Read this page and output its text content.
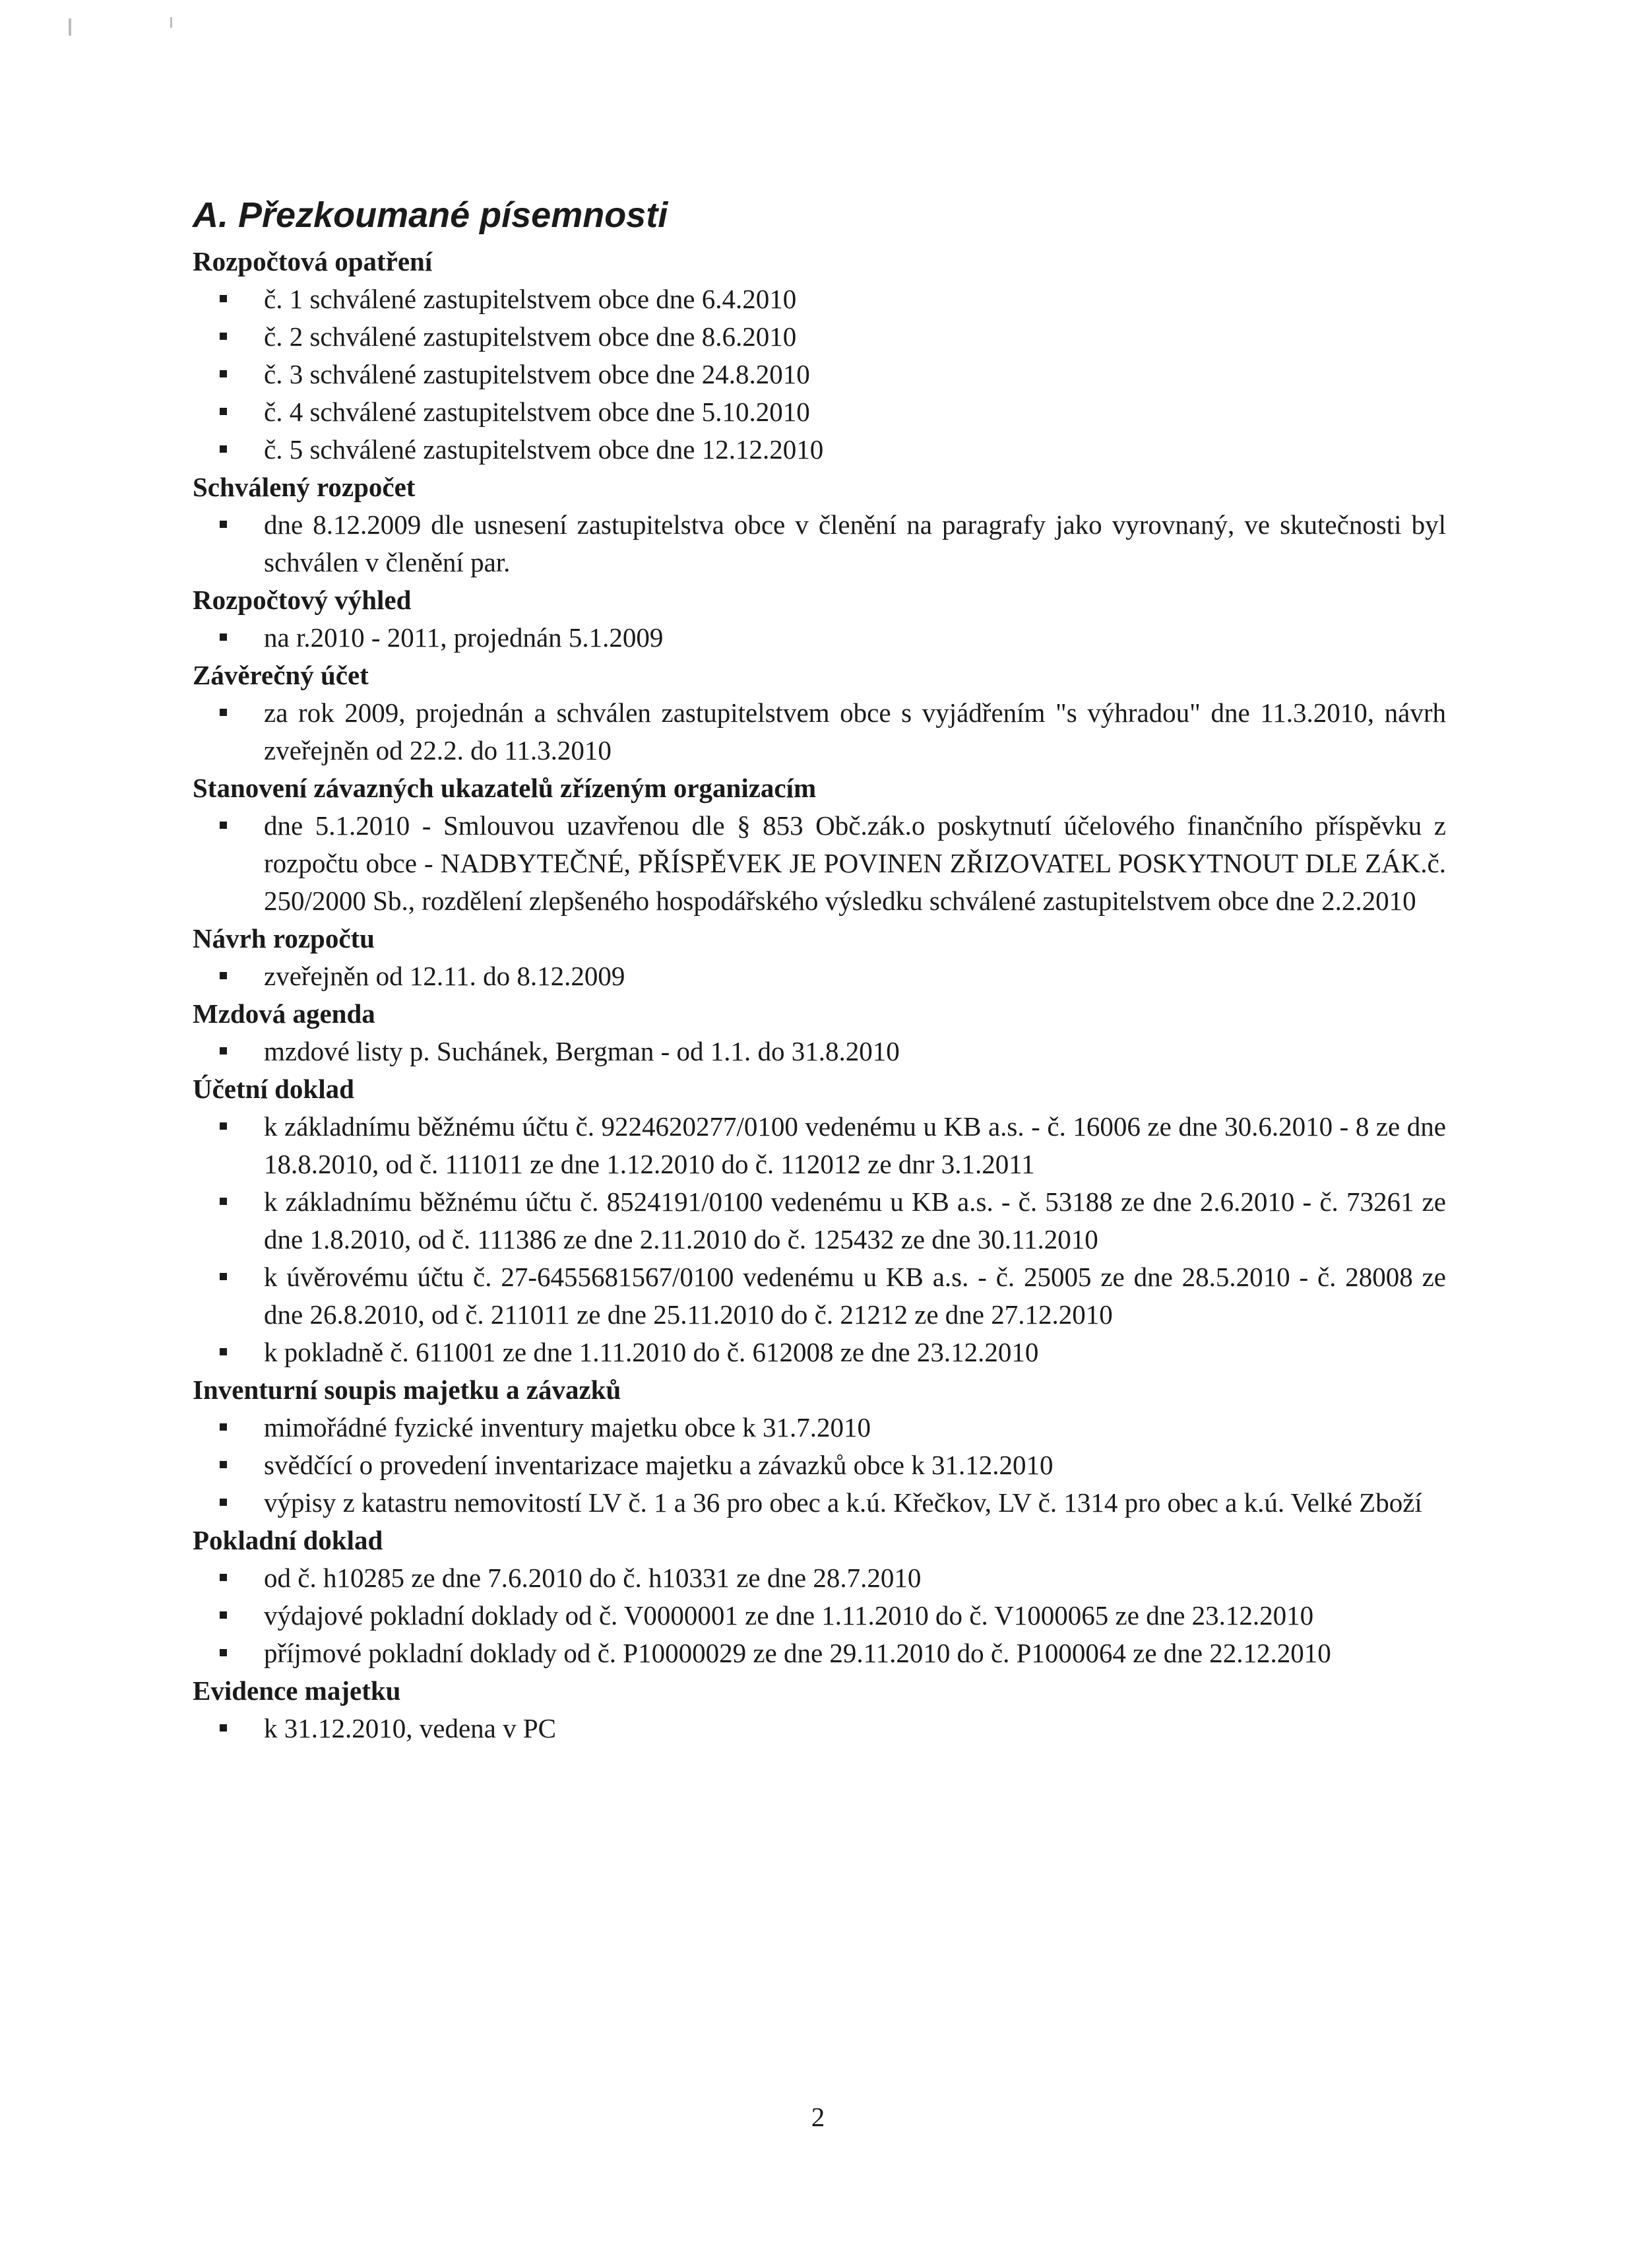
A. Přezkoumané písemnosti
Rozpočtová opatření
č. 1 schválené zastupitelstvem obce dne 6.4.2010
č. 2 schválené zastupitelstvem obce dne 8.6.2010
č. 3 schválené zastupitelstvem obce dne 24.8.2010
č. 4 schválené zastupitelstvem obce dne 5.10.2010
č. 5 schválené zastupitelstvem obce dne 12.12.2010
Schválený rozpočet
dne 8.12.2009 dle usnesení zastupitelstva obce v členění na paragrafy jako vyrovnaný, ve skutečnosti byl schválen v členění par.
Rozpočtový výhled
na r.2010 - 2011, projednán 5.1.2009
Závěrečný účet
za rok 2009, projednán a schválen zastupitelstvem obce s vyjádřením "s výhradou" dne 11.3.2010, návrh zveřejněn od 22.2. do 11.3.2010
Stanovení závazných ukazatelů zřízeným organizacím
dne 5.1.2010 - Smlouvou uzavřenou dle § 853 Obč.zák.o poskytnutí účelového finančního příspěvku z rozpočtu obce - NADBYTEČNÉ, PŘÍSPĚVEK JE POVINEN ZŘIZOVATEL POSKYTNOUT DLE ZÁK.č. 250/2000 Sb., rozdělení zlepšeného hospodářského výsledku schválené zastupitelstvem obce dne 2.2.2010
Návrh rozpočtu
zveřejněn od 12.11. do 8.12.2009
Mzdová agenda
mzdové listy p. Suchánek, Bergman - od 1.1. do 31.8.2010
Účetní doklad
k základnímu běžnému účtu č. 9224620277/0100 vedenému u KB a.s. - č. 16006 ze dne 30.6.2010 - 8 ze dne 18.8.2010, od č. 111011 ze dne 1.12.2010 do č. 112012 ze dnr 3.1.2011
k základnímu běžnému účtu č. 8524191/0100 vedenému u KB a.s. - č. 53188 ze dne 2.6.2010 - č. 73261 ze dne 1.8.2010, od č. 111386 ze dne 2.11.2010 do č. 125432 ze dne 30.11.2010
k úvěrovému účtu č. 27-6455681567/0100 vedenému u KB a.s. - č. 25005 ze dne 28.5.2010 - č. 28008 ze dne 26.8.2010, od č. 211011 ze dne 25.11.2010 do č. 21212 ze dne 27.12.2010
k pokladně č. 611001 ze dne 1.11.2010 do č. 612008 ze dne 23.12.2010
Inventurní soupis majetku a závazků
mimořádné fyzické inventury majetku obce k 31.7.2010
svědčící o provedení inventarizace majetku a závazků obce k 31.12.2010
výpisy z katastru nemovitostí LV č. 1 a 36 pro obec a k.ú. Křečkov, LV č. 1314 pro obec a k.ú. Velké Zboží
Pokladní doklad
od č. h10285 ze dne 7.6.2010 do č. h10331 ze dne 28.7.2010
výdajové pokladní doklady od č. V0000001 ze dne 1.11.2010 do č. V1000065 ze dne 23.12.2010
příjmové pokladní doklady od č. P10000029 ze dne 29.11.2010 do č. P1000064 ze dne 22.12.2010
Evidence majetku
k 31.12.2010, vedena v PC
2
